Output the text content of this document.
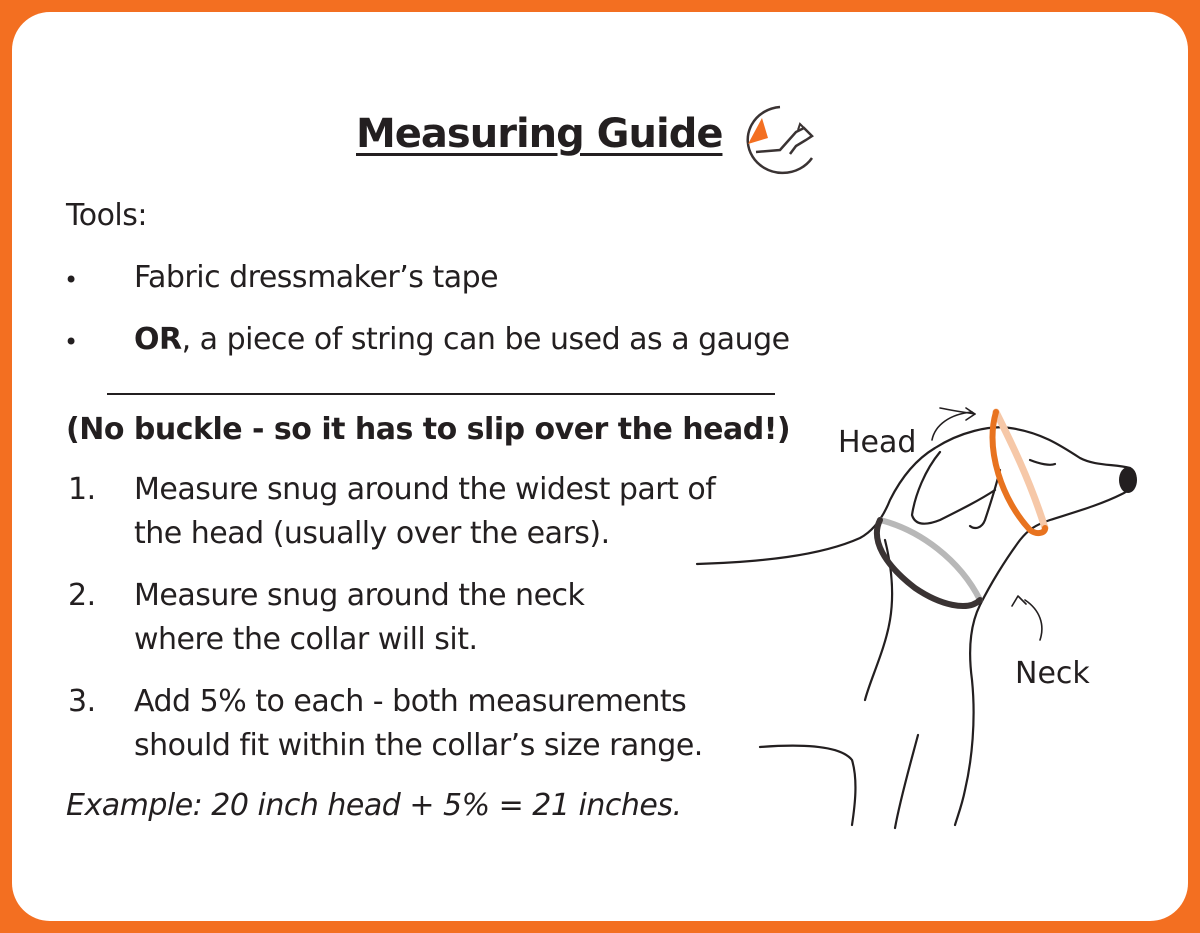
Measuring Guide
Tools:
• Fabric dressmaker’s tape
• OR, a piece of string can be used as a gauge
(No buckle - so it has to slip over the head!)
1. Measure snug around the widest part of
the head (usually over the ears).
2. Measure snug around the neck
where the collar will sit.
3. Add 5% to each - both measurements
should fit within the collar’s size range.
Example: 20 inch head + 5% = 21 inches.
Head
Neck
